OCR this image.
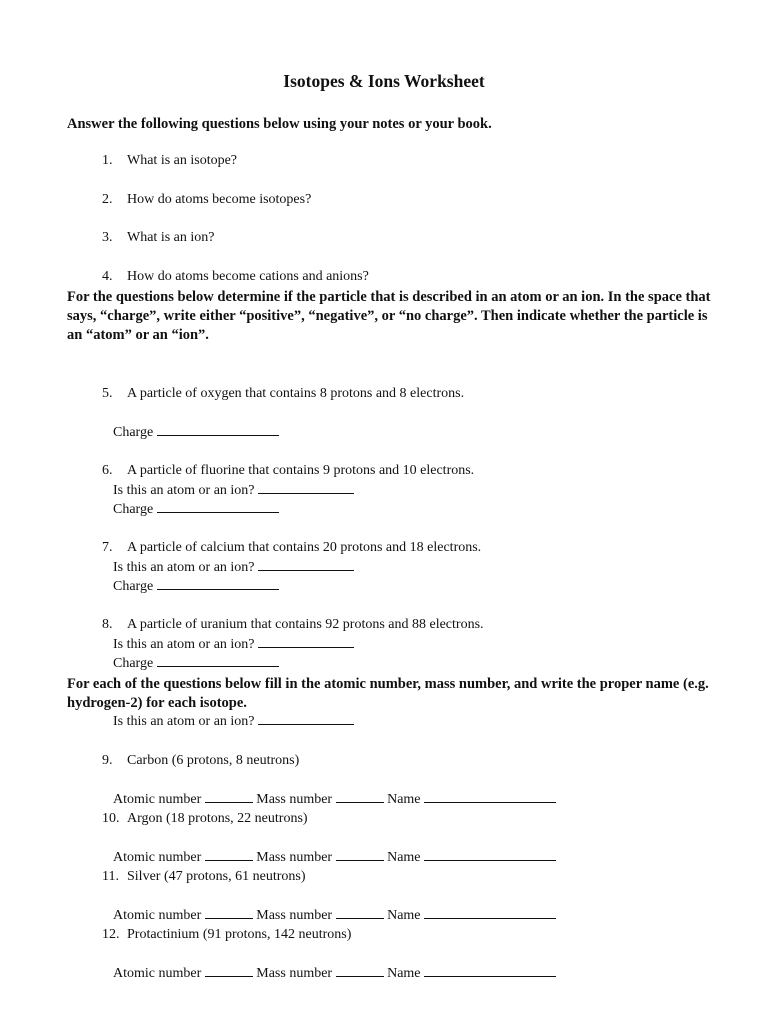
Isotopes & Ions Worksheet
Answer the following questions below using your notes or your book.

1. What is an isotope?

2. How do atoms become isotopes?

3. What is an ion?

4. How do atoms become cations and anions?

For the questions below determine if the particle that is described in an atom or an ion. In the space that says, “charge”, write either “positive”, “negative”, or “no charge”. Then indicate whether the particle is an “atom” or an “ion”.

5. A particle of oxygen that contains 8 protons and 8 electrons.

Charge

Is this an atom or an ion?

6. A particle of fluorine that contains 9 protons and 10 electrons.

Charge

Is this an atom or an ion?

7. A particle of calcium that contains 20 protons and 18 electrons.

Charge

Is this an atom or an ion?

8. A particle of uranium that contains 92 protons and 88 electrons.

Charge

Is this an atom or an ion?

For each of the questions below fill in the atomic number, mass number, and write the proper name (e.g. hydrogen-2) for each isotope.

9. Carbon (6 protons, 8 neutrons)

Atomic number	Mass number	Name

10. Argon (18 protons, 22 neutrons)

Atomic number	Mass number	Name

11. Silver (47 protons, 61 neutrons)

Atomic number	Mass number	Name

12. Protactinium (91 protons, 142 neutrons)

Atomic number	Mass number	Name
